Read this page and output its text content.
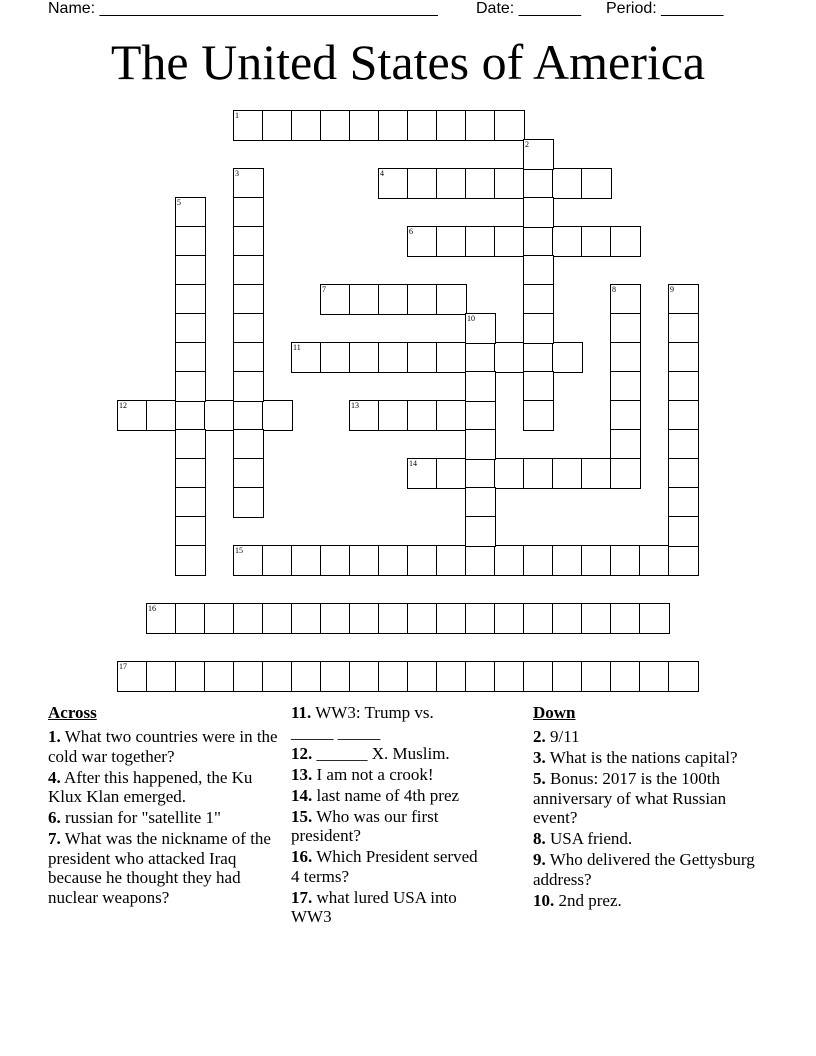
Name: ______________________________________ Date: _______ Period: _______
The United States of America
1
4
6
7
11
12	13
14
15
16
17
2
3
5
8	9
10
Across
1. What two countries were in the cold war together?
4. After this happened, the Ku Klux Klan emerged.
6. russian for "satellite 1"
7. What was the nickname of the president who attacked Iraq because he thought they had nuclear weapons?
11. WW3: Trump vs. _____ _____
12. ______ X. Muslim.
13. I am not a crook!
14. last name of 4th prez
15. Who was our first president?
16. Which President served 4 terms?
17. what lured USA into WW3
Down
2. 9/11
3. What is the nations capital?
5. Bonus: 2017 is the 100th anniversary of what Russian event?
8. USA friend.
9. Who delivered the Gettysburg address?
10. 2nd prez.
